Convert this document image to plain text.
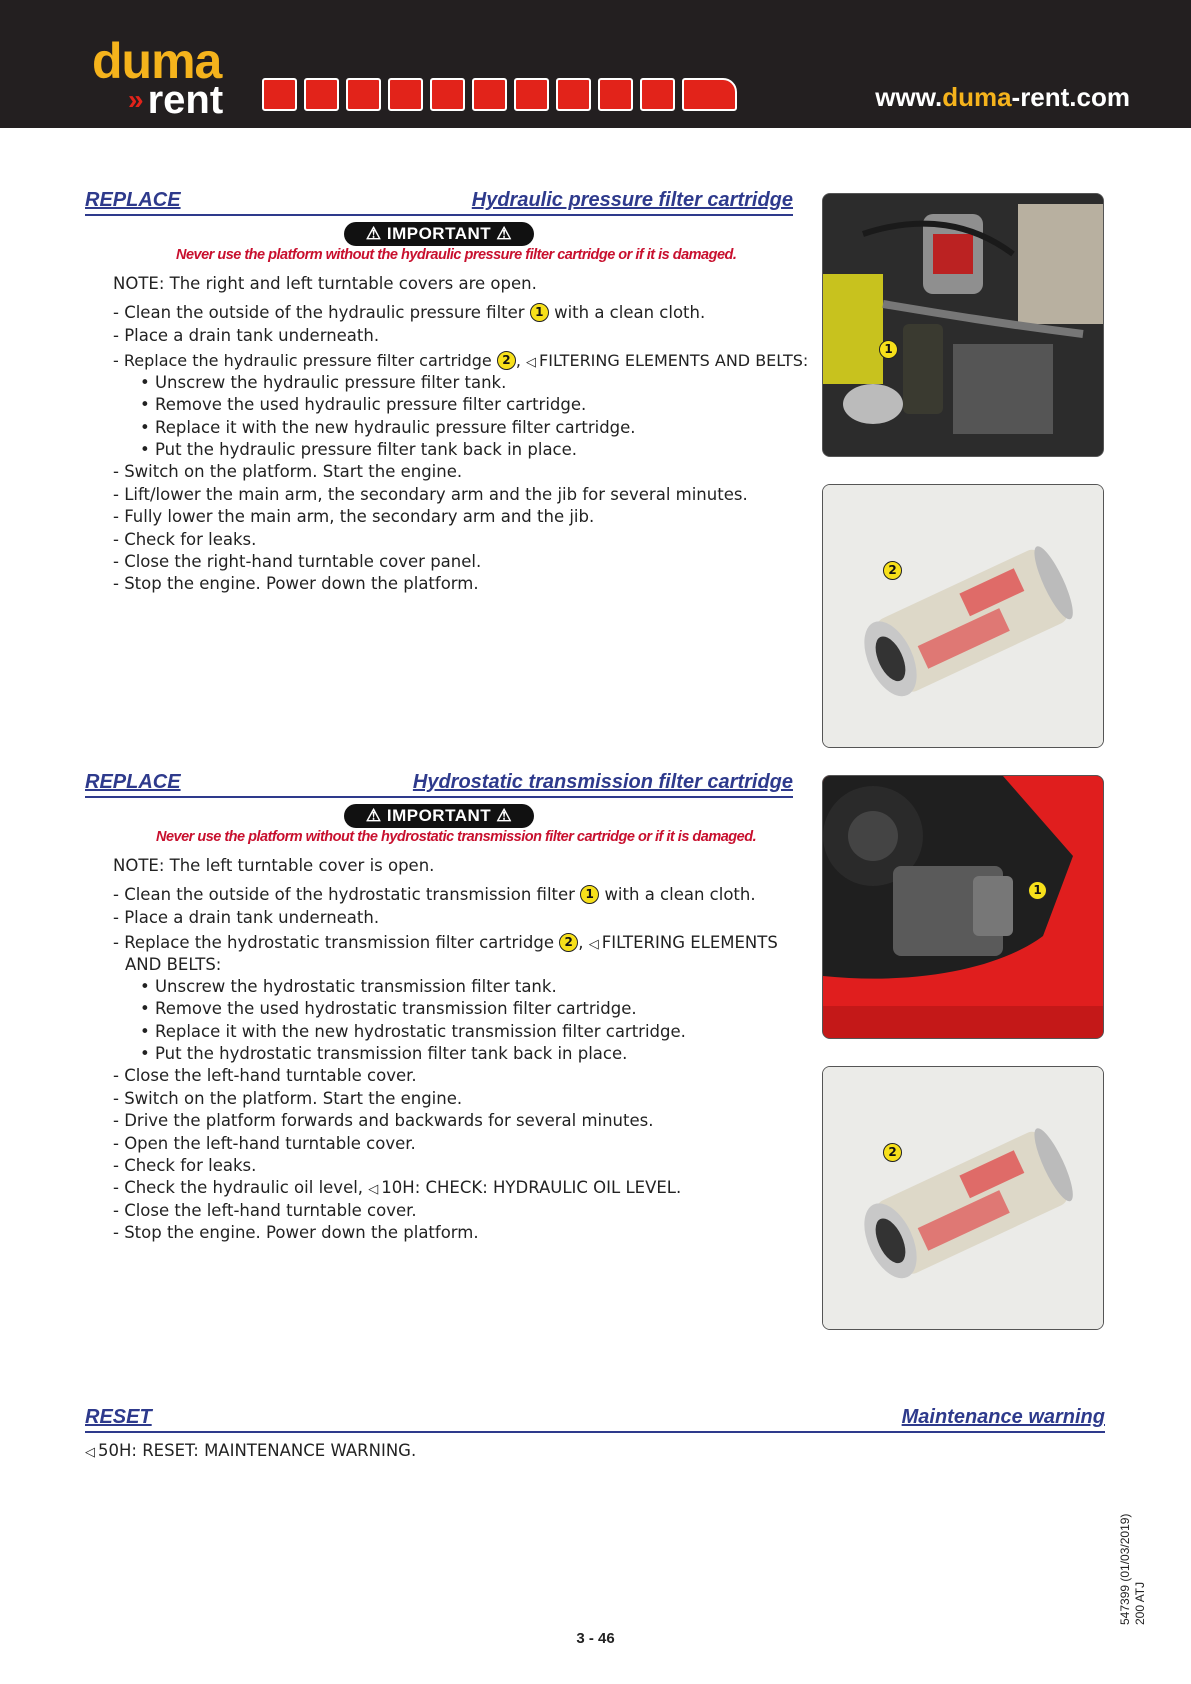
duma
» rent	www.duma-rent.com
REPLACE	Hydraulic pressure filter cartridge
⚠ IMPORTANT ⚠
Never use the platform without the hydraulic pressure filter cartridge or if it is damaged.
NOTE: The right and left turntable covers are open.
- Clean the outside of the hydraulic pressure filter 1 with a clean cloth.
- Place a drain tank underneath.
- Replace the hydraulic pressure filter cartridge 2 , ◁ FILTERING ELEMENTS AND BELTS:
• Unscrew the hydraulic pressure filter tank.
• Remove the used hydraulic pressure filter cartridge.
• Replace it with the new hydraulic pressure filter cartridge.
• Put the hydraulic pressure filter tank back in place.
- Switch on the platform. Start the engine.
- Lift/lower the main arm, the secondary arm and the jib for several minutes.
- Fully lower the main arm, the secondary arm and the jib.
- Check for leaks.
- Close the right-hand turntable cover panel.
- Stop the engine. Power down the platform.
1
2
REPLACE	Hydrostatic transmission filter cartridge
⚠ IMPORTANT ⚠
Never use the platform without the hydrostatic transmission filter cartridge or if it is damaged.
NOTE: The left turntable cover is open.
- Clean the outside of the hydrostatic transmission filter 1 with a clean cloth.
- Place a drain tank underneath.
- Replace the hydrostatic transmission filter cartridge 2 , ◁ FILTERING ELEMENTS
AND BELTS:
• Unscrew the hydrostatic transmission filter tank.
• Remove the used hydrostatic transmission filter cartridge.
• Replace it with the new hydrostatic transmission filter cartridge.
• Put the hydrostatic transmission filter tank back in place.
- Close the left-hand turntable cover.
- Switch on the platform. Start the engine.
- Drive the platform forwards and backwards for several minutes.
- Open the left-hand turntable cover.
- Check for leaks.
- Check the hydraulic oil level, ◁ 10H: CHECK: HYDRAULIC OIL LEVEL.
- Close the left-hand turntable cover.
- Stop the engine. Power down the platform.
1
2
RESET	Maintenance warning
◁ 50H: RESET: MAINTENANCE WARNING.
547399 (01/03/2019) 200 ATJ
3 - 46
